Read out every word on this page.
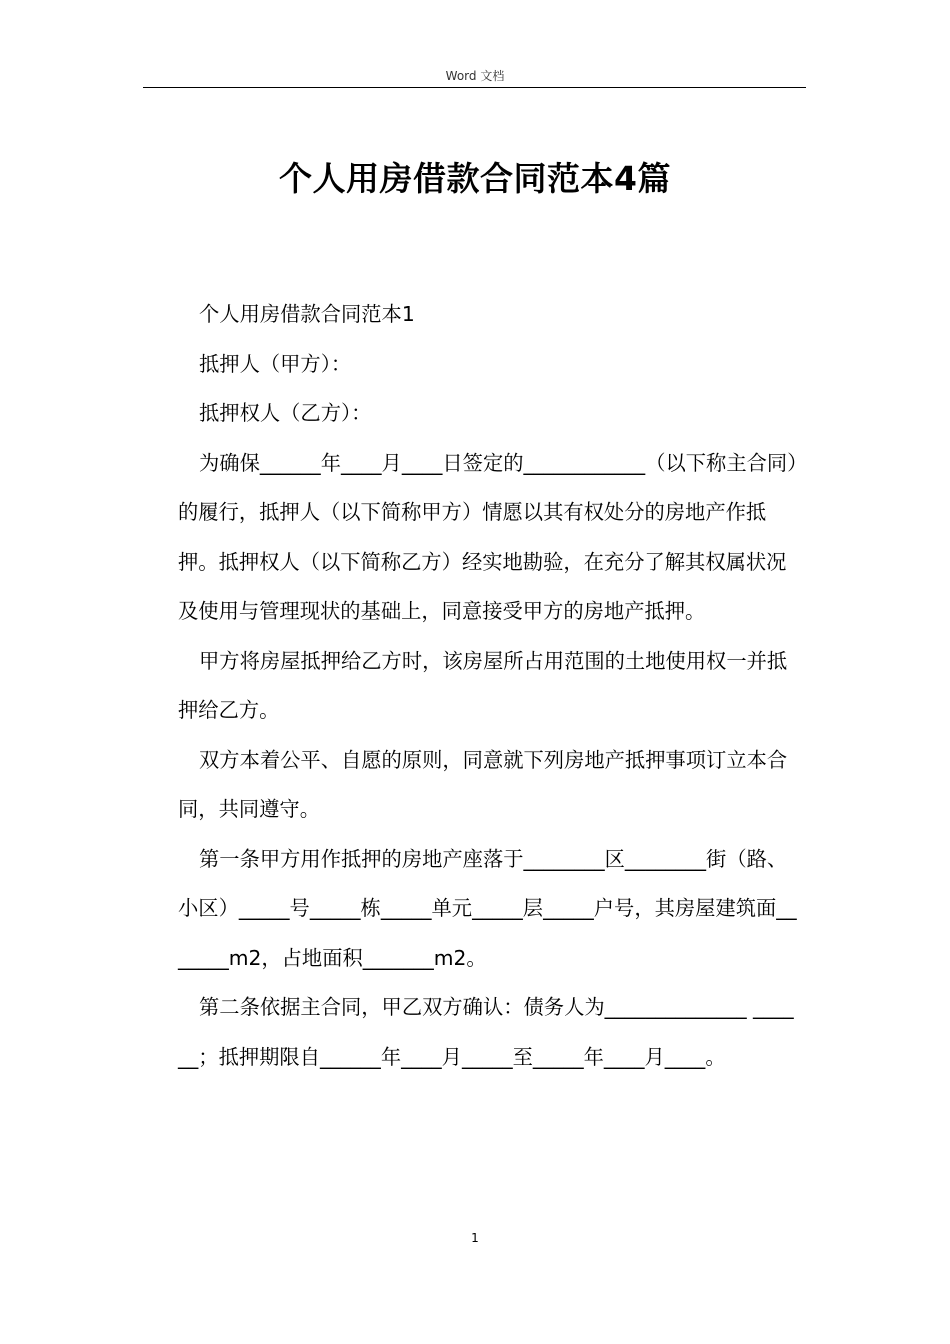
Word 文档
个人用房借款合同范本4篇

个人用房借款合同范本1

抵押人（甲方）：

抵押权人（乙方）：

为确保______年____月____日签定的____________（以下称主合同）的履行，抵押人（以下简称甲方）情愿以其有权处分的房地产作抵押。抵押权人（以下简称乙方）经实地勘验，在充分了解其权属状况及使用与管理现状的基础上，同意接受甲方的房地产抵押。

甲方将房屋抵押给乙方时，该房屋所占用范围的土地使用权一并抵押给乙方。

双方本着公平、自愿的原则，同意就下列房地产抵押事项订立本合同，共同遵守。

第一条甲方用作抵押的房地产座落于________区________街（路、小区）_____号_____栋_____单元_____层_____户号，其房屋建筑面_______m2，占地面积_______m2。

第二条依据主合同，甲乙双方确认：债务人为______________ ______；抵押期限自______年____月_____至_____年____月____。

1
